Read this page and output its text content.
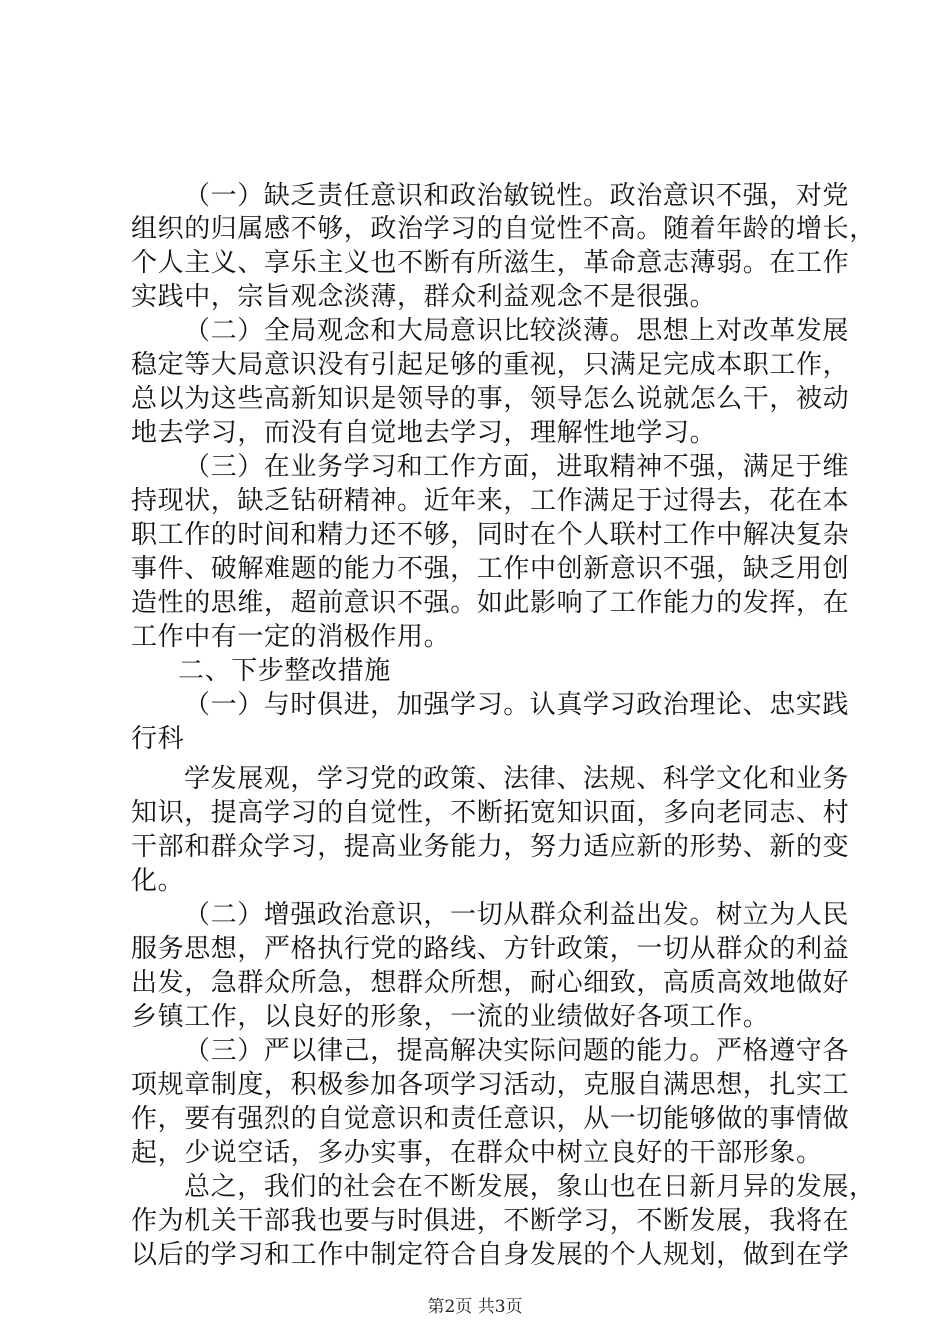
（一）缺乏责任意识和政治敏锐性。政治意识不强，对党
组织的归属感不够，政治学习的自觉性不高。随着年龄的增长，
个人主义、享乐主义也不断有所滋生，革命意志薄弱。在工作
实践中，宗旨观念淡薄，群众利益观念不是很强。
（二）全局观念和大局意识比较淡薄。思想上对改革发展
稳定等大局意识没有引起足够的重视，只满足完成本职工作，
总以为这些高新知识是领导的事，领导怎么说就怎么干，被动
地去学习，而没有自觉地去学习，理解性地学习。
（三）在业务学习和工作方面，进取精神不强，满足于维
持现状，缺乏钻研精神。近年来，工作满足于过得去，花在本
职工作的时间和精力还不够，同时在个人联村工作中解决复杂
事件、破解难题的能力不强，工作中创新意识不强，缺乏用创
造性的思维，超前意识不强。如此影响了工作能力的发挥，在
工作中有一定的消极作用。
二、下步整改措施
（一）与时俱进，加强学习。认真学习政治理论、忠实践
行科
学发展观，学习党的政策、法律、法规、科学文化和业务
知识，提高学习的自觉性，不断拓宽知识面，多向老同志、村
干部和群众学习，提高业务能力，努力适应新的形势、新的变
化。
（二）增强政治意识，一切从群众利益出发。树立为人民
服务思想，严格执行党的路线、方针政策，一切从群众的利益
出发，急群众所急，想群众所想，耐心细致，高质高效地做好
乡镇工作，以良好的形象，一流的业绩做好各项工作。
（三）严以律己，提高解决实际问题的能力。严格遵守各
项规章制度，积极参加各项学习活动，克服自满思想，扎实工
作，要有强烈的自觉意识和责任意识，从一切能够做的事情做
起，少说空话，多办实事，在群众中树立良好的干部形象。
总之，我们的社会在不断发展，象山也在日新月异的发展，
作为机关干部我也要与时俱进，不断学习，不断发展，我将在
以后的学习和工作中制定符合自身发展的个人规划，做到在学
第2页 共3页
